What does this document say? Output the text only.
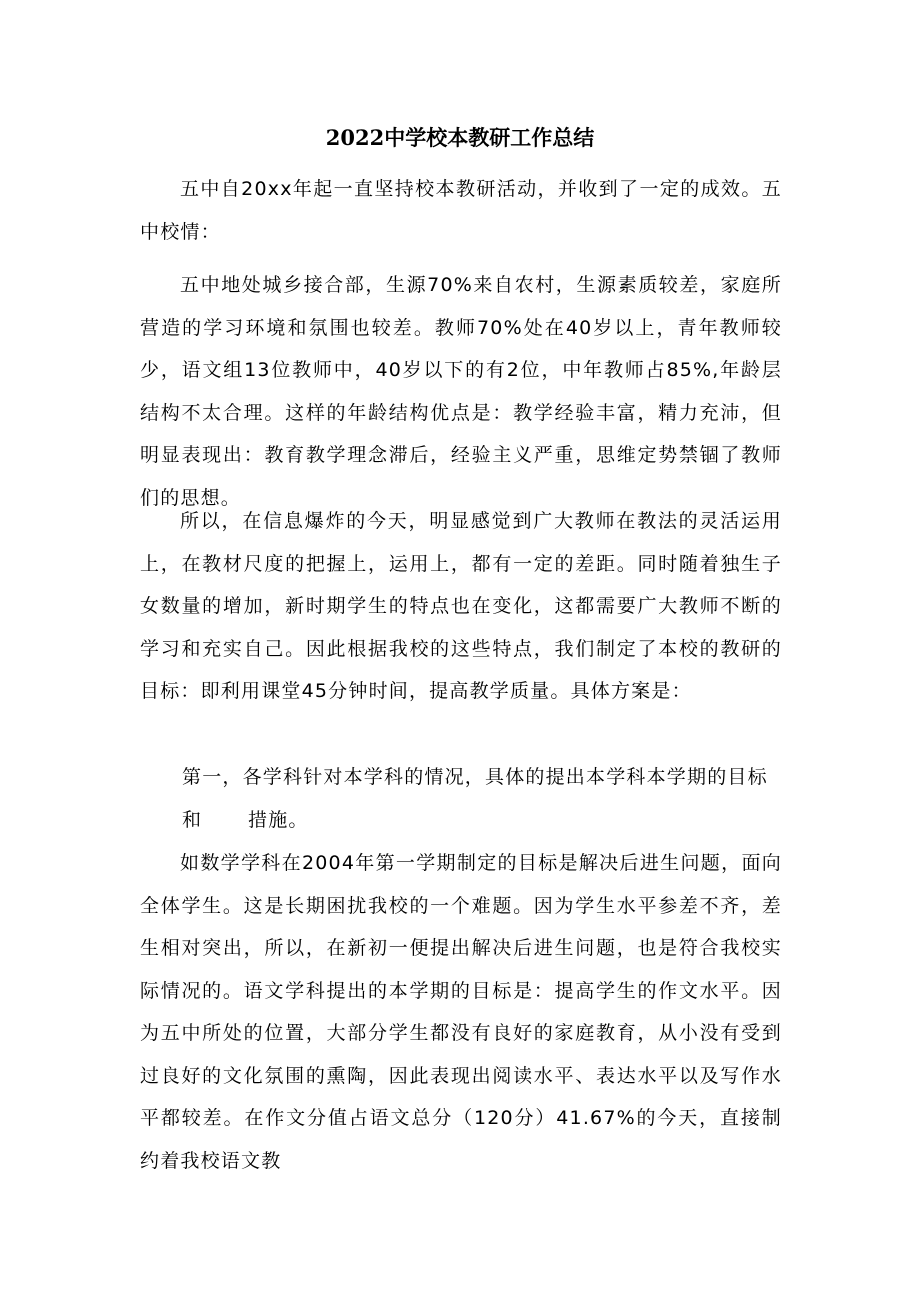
2022中学校本教研工作总结

五中自20xx年起一直坚持校本教研活动，并收到了一定的成效。五中校情：

五中地处城乡接合部，生源70%来自农村，生源素质较差，家庭所营造的学习环境和氛围也较差。教师70%处在40岁以上，青年教师较少，语文组13位教师中，40岁以下的有2位，中年教师占85%,年龄层结构不太合理。这样的年龄结构优点是：教学经验丰富，精力充沛，但明显表现出：教育教学理念滞后，经验主义严重，思维定势禁锢了教师们的思想。

所以，在信息爆炸的今天，明显感觉到广大教师在教法的灵活运用上，在教材尺度的把握上，运用上，都有一定的差距。同时随着独生子女数量的增加，新时期学生的特点也在变化，这都需要广大教师不断的学习和充实自己。因此根据我校的这些特点，我们制定了本校的教研的目标：即利用课堂45分钟时间，提高教学质量。具体方案是：

第一，各学科针对本学科的情况，具体的提出本学科本学期的目标和	措施。

如数学学科在2004年第一学期制定的目标是解决后进生问题，面向全体学生。这是长期困扰我校的一个难题。因为学生水平参差不齐，差生相对突出，所以，在新初一便提出解决后进生问题，也是符合我校实际情况的。语文学科提出的本学期的目标是：提高学生的作文水平。因为五中所处的位置，大部分学生都没有良好的家庭教育，从小没有受到过良好的文化氛围的熏陶，因此表现出阅读水平、表达水平以及写作水平都较差。在作文分值占语文总分（120分）41.67%的今天，直接制约着我校语文教
